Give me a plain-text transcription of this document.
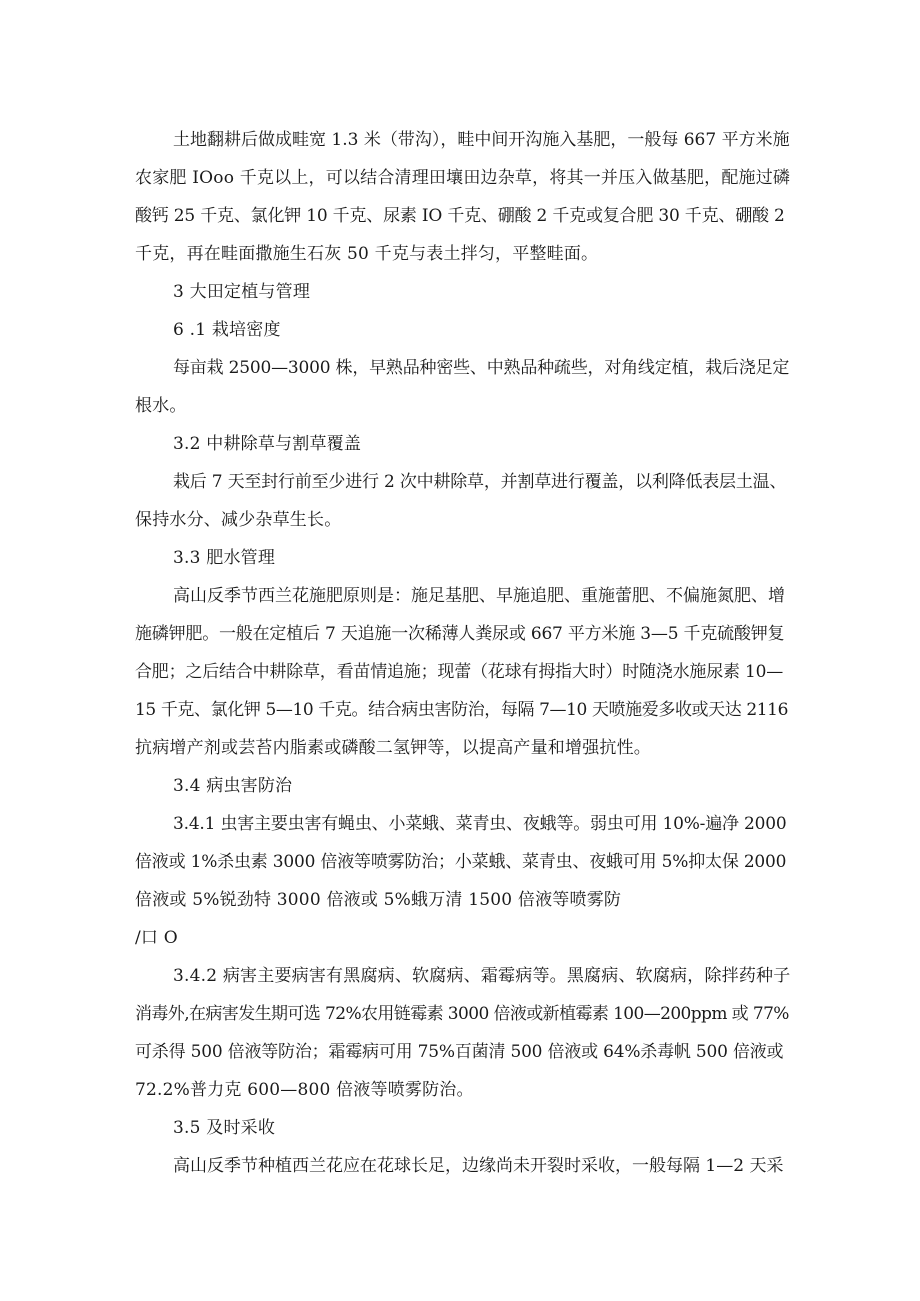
土地翻耕后做成畦宽 1.3 米（带沟），畦中间开沟施入基肥，一般每 667 平方米施
农家肥 IOoo 千克以上，可以结合清理田壤田边杂草，将其一并压入做基肥，配施过磷
酸钙 25 千克、氯化钾 10 千克、尿素 IO 千克、硼酸 2 千克或复合肥 30 千克、硼酸 2
千克，再在畦面撒施生石灰 50 千克与表土拌匀，平整畦面。
3 大田定植与管理
6 .1 栽培密度
每亩栽 2500—3000 株，早熟品种密些、中熟品种疏些，对角线定植，栽后浇足定
根水。
3.2 中耕除草与割草覆盖
栽后 7 天至封行前至少进行 2 次中耕除草，并割草进行覆盖，以利降低表层土温、
保持水分、减少杂草生长。
3.3 肥水管理
高山反季节西兰花施肥原则是：施足基肥、早施追肥、重施蕾肥、不偏施氮肥、增
施磷钾肥。一般在定植后 7 天追施一次稀薄人粪尿或 667 平方米施 3—5 千克硫酸钾复
合肥；之后结合中耕除草，看苗情追施；现蕾（花球有拇指大时）时随浇水施尿素 10—
15 千克、氯化钾 5—10 千克。结合病虫害防治，每隔 7—10 天喷施爱多收或天达 2116
抗病增产剂或芸苔内脂素或磷酸二氢钾等，以提高产量和增强抗性。
3.4 病虫害防治
3.4.1 虫害主要虫害有蝇虫、小菜蛾、菜青虫、夜蛾等。弱虫可用 10%-遍净 2000
倍液或 1%杀虫素 3000 倍液等喷雾防治；小菜蛾、菜青虫、夜蛾可用 5%抑太保 2000
倍液或 5%锐劲特 3000 倍液或 5%蛾万清 1500 倍液等喷雾防
/口 O
3.4.2 病害主要病害有黑腐病、软腐病、霜霉病等。黑腐病、软腐病，除拌药种子
消毒外,在病害发生期可选 72%农用链霉素 3000 倍液或新植霉素 100—200ppm 或 77%
可杀得 500 倍液等防治；霜霉病可用 75%百菌清 500 倍液或 64%杀毒帆 500 倍液或
72.2%普力克 600—800 倍液等喷雾防治。
3.5 及时采收
高山反季节种植西兰花应在花球长足，边缘尚未开裂时采收，一般每隔 1—2 天采
